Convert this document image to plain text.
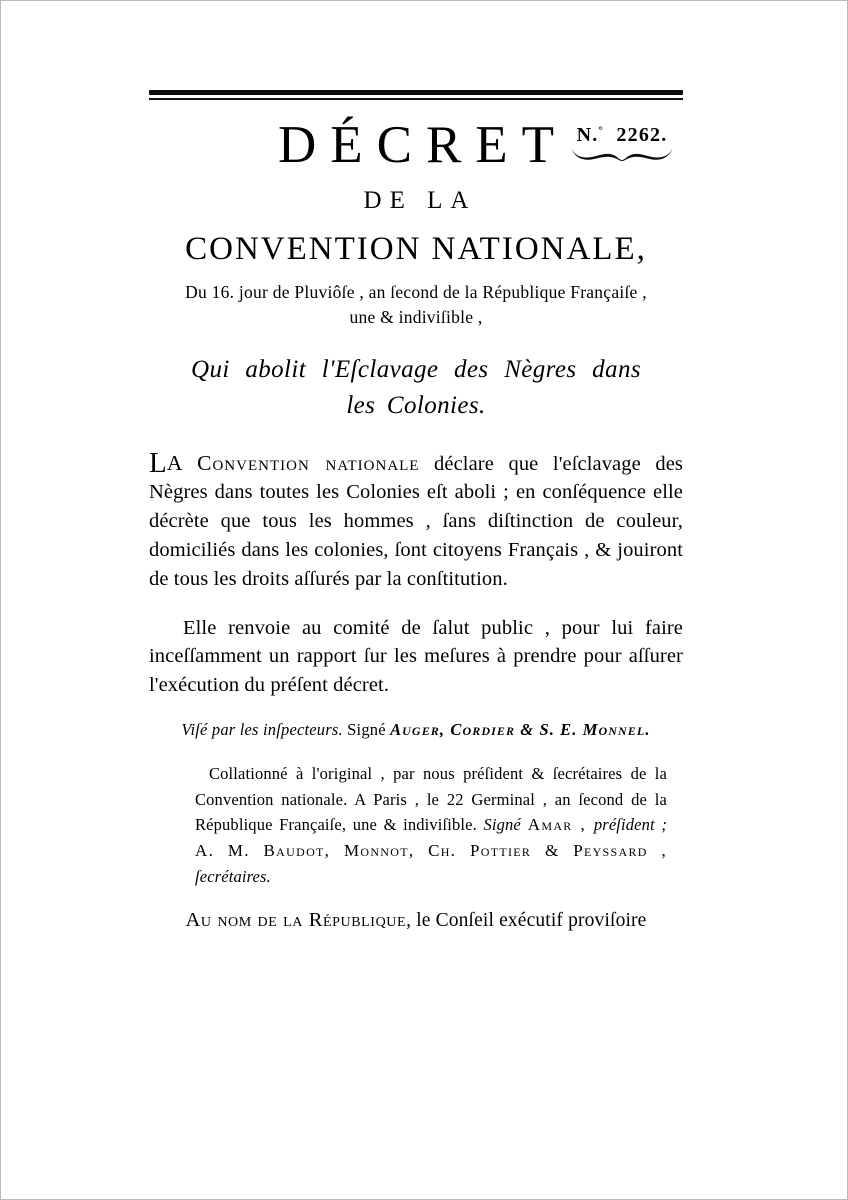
DÉCRET N.° 2262.
DE LA
CONVENTION NATIONALE,
Du 16. jour de Pluviôſe , an ſecond de la République Françaiſe ,
une & indiviſible ,
Qui abolit l'Eſclavage des Nègres dans
les Colonies.

LA Convention nationale déclare que l'eſclavage des Nègres dans toutes les Colonies eſt aboli ; en conſéquence elle décrète que tous les hommes , ſans diſtinction de couleur, domiciliés dans les colonies, ſont citoyens Français , & jouiront de tous les droits aſſurés par la conſtitution.

Elle renvoie au comité de ſalut public , pour lui faire inceſſamment un rapport ſur les meſures à prendre pour aſſurer l'exécution du préſent décret.

Viſé par les inſpecteurs. Signé Auger, Cordier & S. E. Monnel.
Collationné à l'original , par nous préſident & ſecrétaires de la Convention nationale. A Paris , le 22 Germinal , an ſecond de la République Françaiſe, une & indiviſible. Signé Amar , préſident ; A. M. Baudot, Monnot, Ch. Pottier & Peyssard , ſecrétaires.
Au nom de la République, le Conſeil exécutif proviſoire
